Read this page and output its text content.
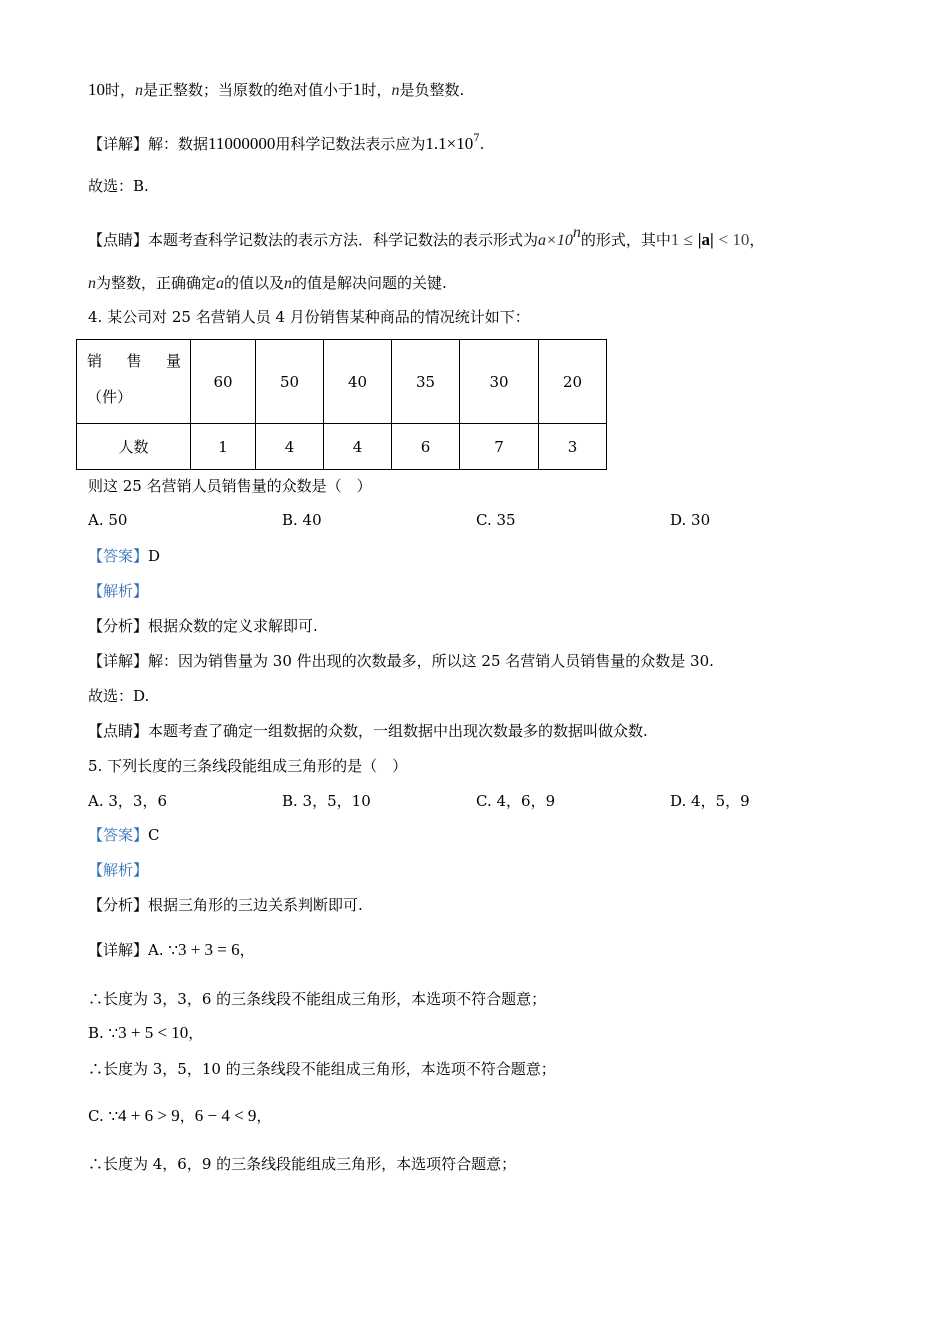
10时，n是正整数；当原数的绝对值小于1时，n是负整数.
【详解】解：数据11000000用科学记数法表示应为$1.1\times 10^7$.
故选：B.
【点睛】本题考查科学记数法的表示方法．科学记数法的表示形式为$a\times 10^n$的形式，其中1 ≤ |a| < 10，
n为整数，正确确定a的值以及n的值是解决问题的关键.
4. 某公司对 25 名营销人员 4 月份销售某种商品的情况统计如下：
销 售 量
（件）	60	50	40	35	30	20
人数	1	4	4	6	7	3
则这 25 名营销人员销售量的众数是（　）
A. 50	B. 40	C. 35	D. 30
【答案】D
【解析】
【分析】根据众数的定义求解即可.
【详解】解：因为销售量为 30 件出现的次数最多，所以这 25 名营销人员销售量的众数是 30.
故选：D.
【点睛】本题考查了确定一组数据的众数，一组数据中出现次数最多的数据叫做众数.
5. 下列长度的三条线段能组成三角形的是（　）
A. 3，3，6	B. 3，5，10	C. 4，6，9	D. 4，5，9
【答案】C
【解析】
【分析】根据三角形的三边关系判断即可.
【详解】A. ∵3 + 3 = 6，
∴长度为 3，3，6 的三条线段不能组成三角形，本选项不符合题意；
B. ∵3 + 5 < 10，
∴长度为 3，5，10 的三条线段不能组成三角形，本选项不符合题意；
C. ∵4 + 6 > 9，6 − 4 < 9，
∴长度为 4，6，9 的三条线段能组成三角形，本选项符合题意；
